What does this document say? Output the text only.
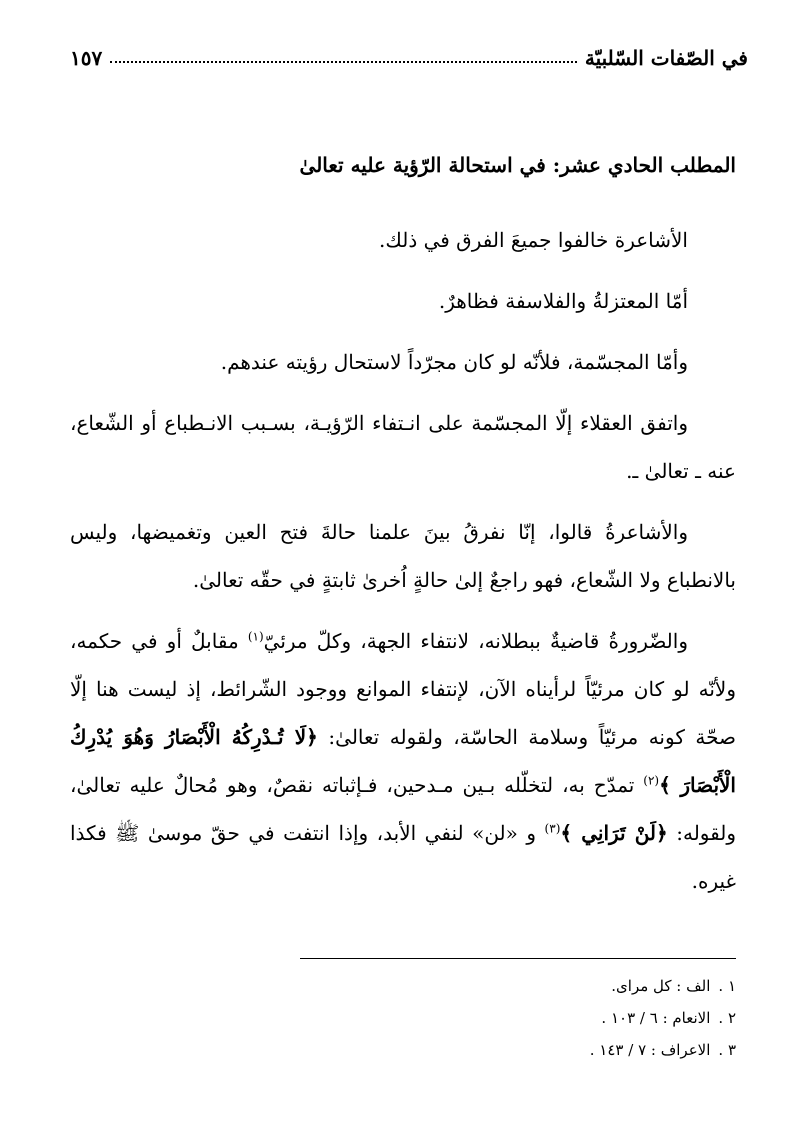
في الصّفات السّلبيّة
١٥٧
المطلب الحادي عشر: في استحالة الرّؤية عليه تعالىٰ

الأشاعرة خالفوا جميعَ الفرق في ذلك.

أمّا المعتزلةُ والفلاسفة فظاهرٌ.

وأمّا المجسّمة، فلأنّه لو كان مجرّداً لاستحال رؤيته عندهم.

واتفق العقلاء إلّا المجسّمة على انـتفاء الرّؤيـة، بسـبب الانـطباع أو الشّعاع، عنه ـ تعالىٰ ـ.

والأشاعرةُ قالوا، إنّا نفرقُ بينَ علمنا حالةَ فتح العين وتغميضها، وليس بالانطباع ولا الشّعاع، فهو راجعٌ إلىٰ حالةٍ اُخرىٰ ثابتةٍ في حقّه تعالىٰ.

والضّرورةُ قاضيةٌ ببطلانه، لانتفاء الجهة، وكلّ مرئيّ$^{(١)}$ مقابلٌ أو في حكمه، ولأنّه لو كان مرئيّاً لرأيناه الآن، لإنتفاء الموانع ووجود الشّرائط، إذ ليست هنا إلّا صحّة كونه مرئيّاً وسلامة الحاسّة، ولقوله تعالىٰ: ﴿لَا تُـدْرِكُهُ الْأَبْصَارُ وَهُوَ يُدْرِكُ الْأَبْصَارَ ﴾$^{(٢)}$ تمدّح به، لتخلّله بـين مـدحين، فـإثباته نقصٌ، وهو مُحالٌ عليه تعالىٰ، ولقوله: ﴿لَنْ تَرَانِي ﴾$^{(٣)}$ و «لن» لنفي الأبد، وإذا انتفت في حقّ موسىٰ ﷺ فكذا غيره.

١ .الف : كل مراى.
٢ .الانعام : ٦ / ١٠٣ .
٣ .الاعراف : ٧ / ١٤٣ .
